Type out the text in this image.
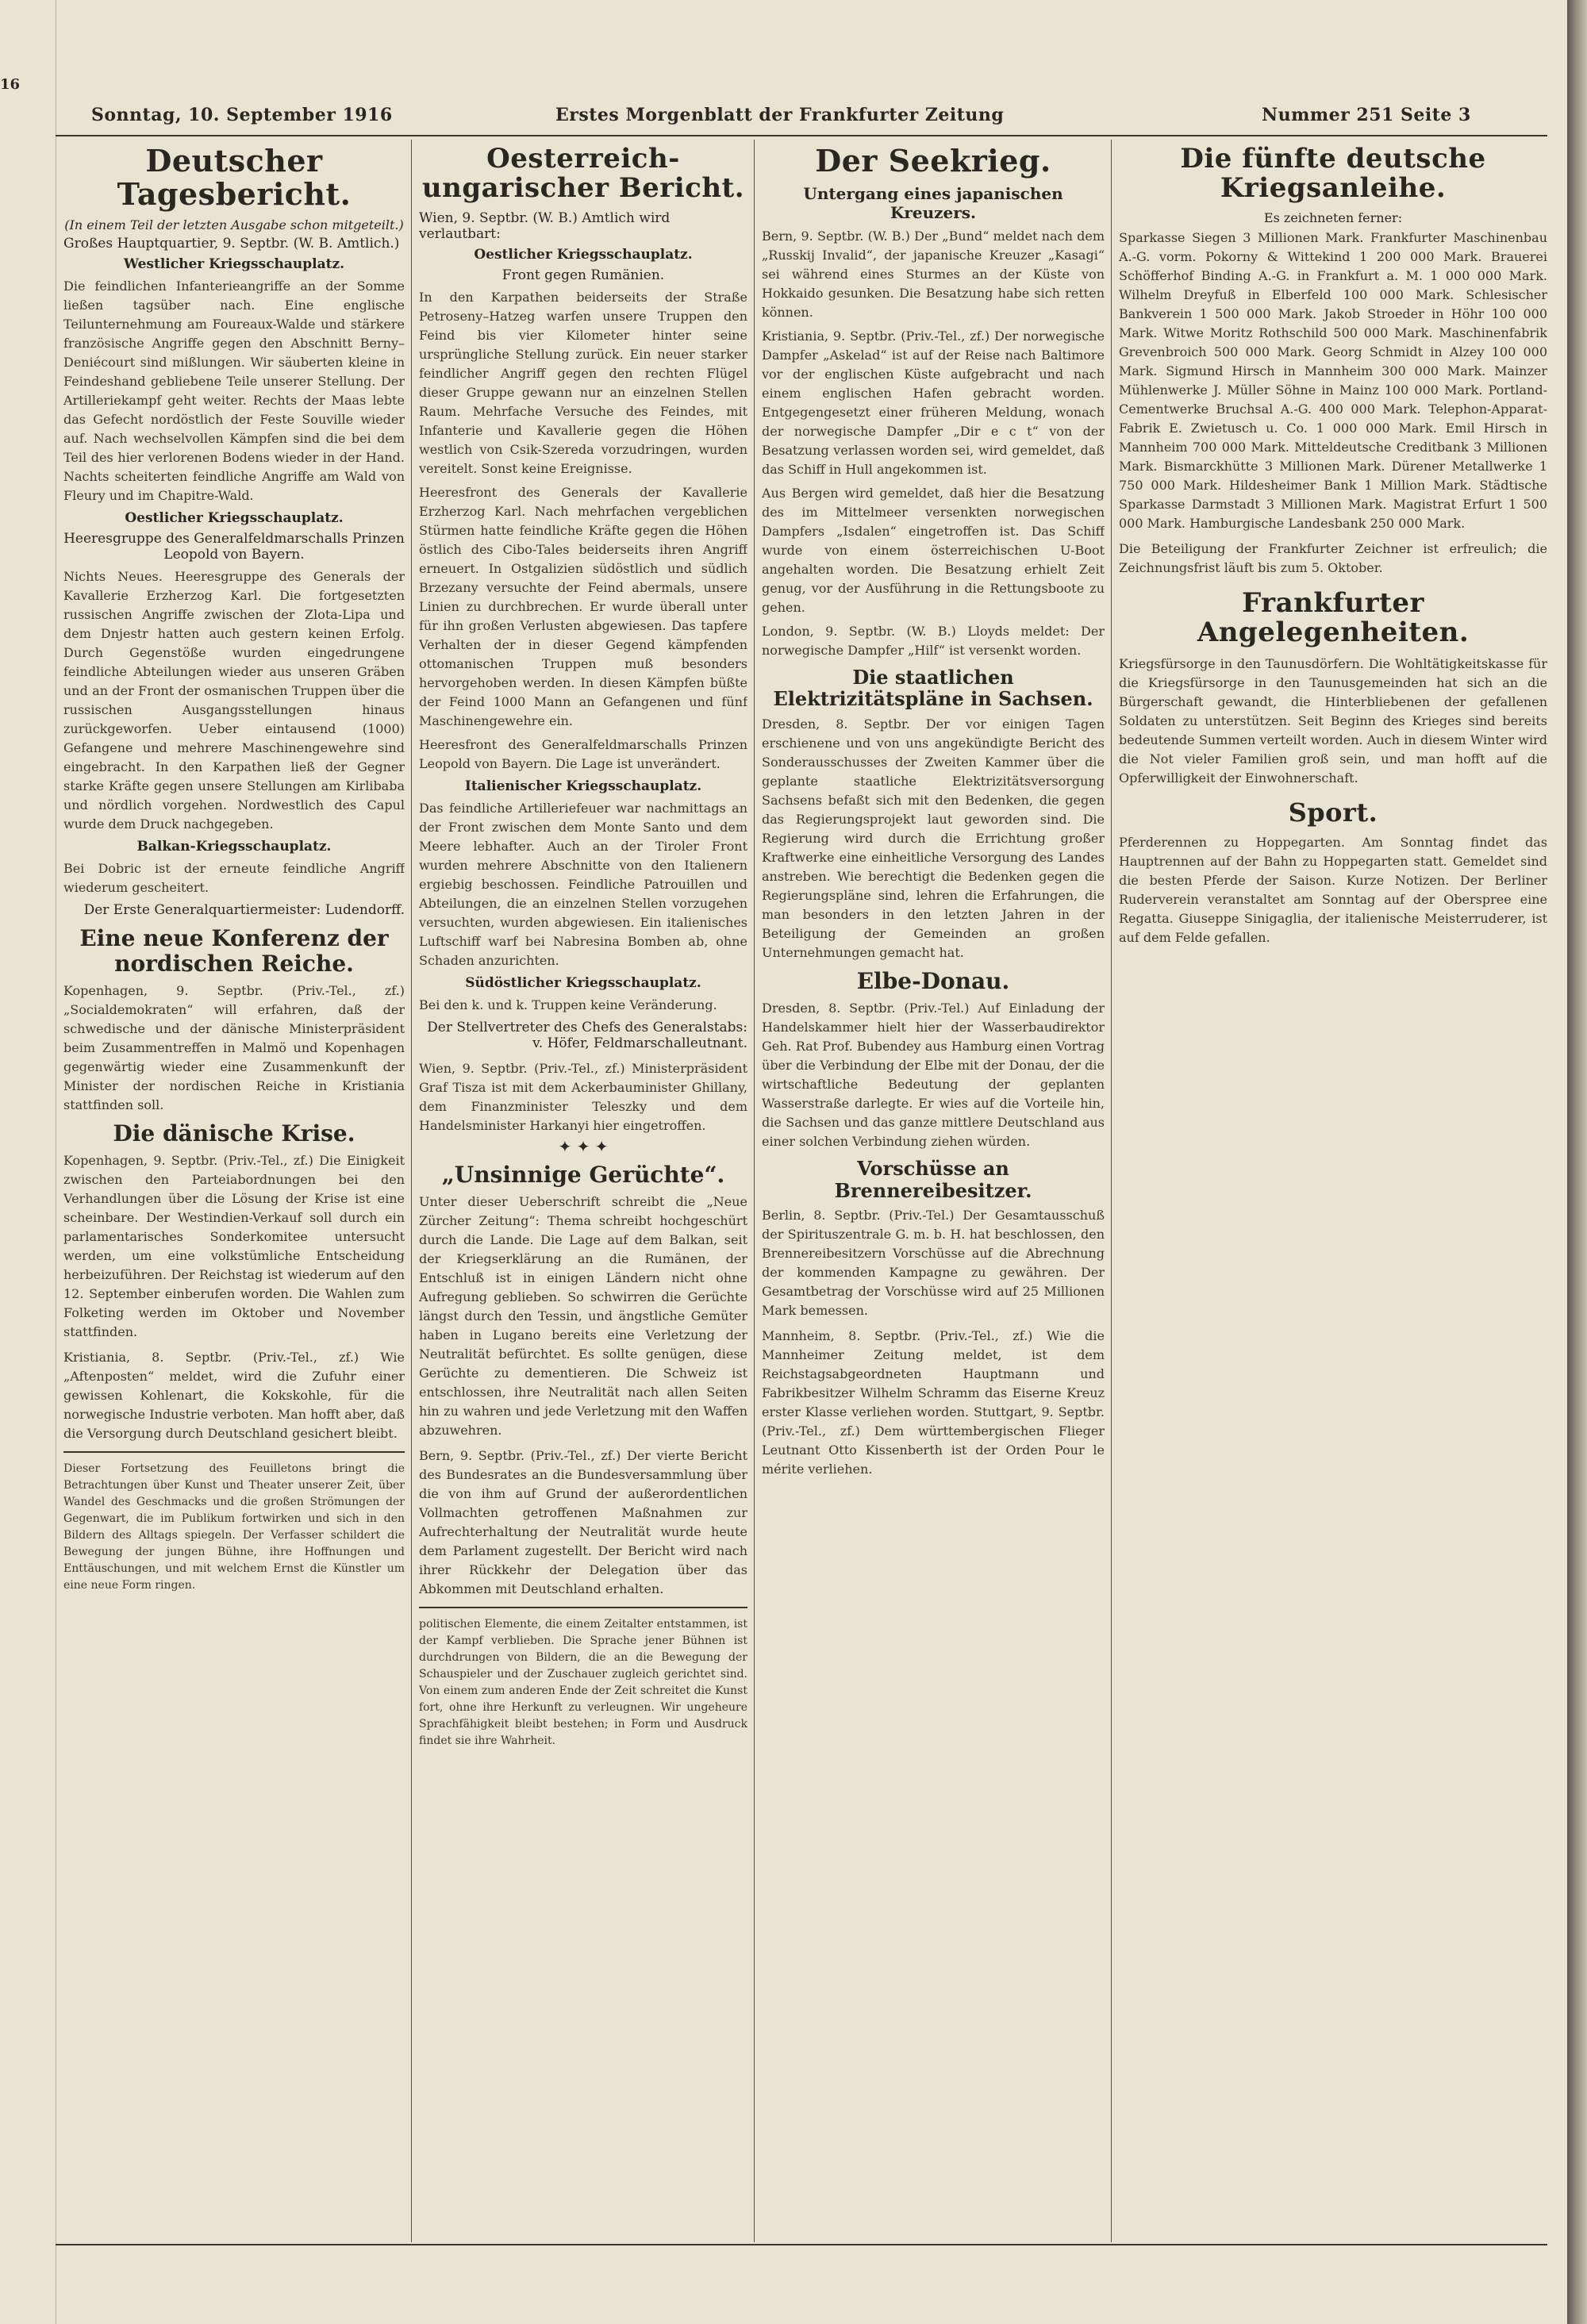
16
Sonntag, 10. September 1916	Erstes Morgenblatt der Frankfurter Zeitung	Nummer 251 Seite 3
Deutscher Tagesbericht.
(In einem Teil der letzten Ausgabe schon mitgeteilt.)
Großes Hauptquartier, 9. Septbr. (W. B. Amtlich.)
Westlicher Kriegsschauplatz.
Die feindlichen Infanterieangriffe an der Somme ließen tagsüber nach. Eine englische Teilunternehmung am Foureaux-Walde und stärkere französische Angriffe gegen den Abschnitt Berny–Deniécourt sind mißlungen. Wir säuberten kleine in Feindeshand gebliebene Teile unserer Stellung. Der Artilleriekampf geht weiter. Rechts der Maas lebte das Gefecht nordöstlich der Feste Souville wieder auf. Nach wechselvollen Kämpfen sind die bei dem Teil des hier verlorenen Bodens wieder in der Hand. Nachts scheiterten feindliche Angriffe am Wald von Fleury und im Chapitre-Wald.
Oestlicher Kriegsschauplatz.
Heeresgruppe des Generalfeldmarschalls Prinzen Leopold von Bayern.
Nichts Neues. Heeresgruppe des Generals der Kavallerie Erzherzog Karl. Die fortgesetzten russischen Angriffe zwischen der Zlota-Lipa und dem Dnjestr hatten auch gestern keinen Erfolg. Durch Gegenstöße wurden eingedrungene feindliche Abteilungen wieder aus unseren Gräben und an der Front der osmanischen Truppen über die russischen Ausgangsstellungen hinaus zurückgeworfen. Ueber eintausend (1000) Gefangene und mehrere Maschinengewehre sind eingebracht. In den Karpathen ließ der Gegner starke Kräfte gegen unsere Stellungen am Kirlibaba und nördlich vorgehen. Nordwestlich des Capul wurde dem Druck nachgegeben.
Balkan-Kriegsschauplatz.
Bei Dobric ist der erneute feindliche Angriff wiederum gescheitert.
Der Erste Generalquartiermeister: Ludendorff.
Eine neue Konferenz der nordischen Reiche.
Kopenhagen, 9. Septbr. (Priv.-Tel., zf.) „Socialdemokraten“ will erfahren, daß der schwedische und der dänische Ministerpräsident beim Zusammentreffen in Malmö und Kopenhagen gegenwärtig wieder eine Zusammenkunft der Minister der nordischen Reiche in Kristiania stattfinden soll.
Die dänische Krise.
Kopenhagen, 9. Septbr. (Priv.-Tel., zf.) Die Einigkeit zwischen den Parteiabordnungen bei den Verhandlungen über die Lösung der Krise ist eine scheinbare. Der Westindien-Verkauf soll durch ein parlamentarisches Sonderkomitee untersucht werden, um eine volkstümliche Entscheidung herbeizuführen. Der Reichstag ist wiederum auf den 12. September einberufen worden. Die Wahlen zum Folketing werden im Oktober und November stattfinden.
Kristiania, 8. Septbr. (Priv.-Tel., zf.) Wie „Aftenposten“ meldet, wird die Zufuhr einer gewissen Kohlenart, die Kokskohle, für die norwegische Industrie verboten. Man hofft aber, daß die Versorgung durch Deutschland gesichert bleibt.
Dieser Fortsetzung des Feuilletons bringt die Betrachtungen über Kunst und Theater unserer Zeit, über Wandel des Geschmacks und die großen Strömungen der Gegenwart, die im Publikum fortwirken und sich in den Bildern des Alltags spiegeln. Der Verfasser schildert die Bewegung der jungen Bühne, ihre Hoffnungen und Enttäuschungen, und mit welchem Ernst die Künstler um eine neue Form ringen.
Oesterreich-ungarischer Bericht.
Wien, 9. Septbr. (W. B.) Amtlich wird verlautbart:
Oestlicher Kriegsschauplatz.
Front gegen Rumänien.
In den Karpathen beiderseits der Straße Petroseny–Hatzeg warfen unsere Truppen den Feind bis vier Kilometer hinter seine ursprüngliche Stellung zurück. Ein neuer starker feindlicher Angriff gegen den rechten Flügel dieser Gruppe gewann nur an einzelnen Stellen Raum. Mehrfache Versuche des Feindes, mit Infanterie und Kavallerie gegen die Höhen westlich von Csik-Szereda vorzudringen, wurden vereitelt. Sonst keine Ereignisse.
Heeresfront des Generals der Kavallerie Erzherzog Karl. Nach mehrfachen vergeblichen Stürmen hatte feindliche Kräfte gegen die Höhen östlich des Cibo-Tales beiderseits ihren Angriff erneuert. In Ostgalizien südöstlich und südlich Brzezany versuchte der Feind abermals, unsere Linien zu durchbrechen. Er wurde überall unter für ihn großen Verlusten abgewiesen. Das tapfere Verhalten der in dieser Gegend kämpfenden ottomanischen Truppen muß besonders hervorgehoben werden. In diesen Kämpfen büßte der Feind 1000 Mann an Gefangenen und fünf Maschinengewehre ein.
Heeresfront des Generalfeldmarschalls Prinzen Leopold von Bayern. Die Lage ist unverändert.
Italienischer Kriegsschauplatz.
Das feindliche Artilleriefeuer war nachmittags an der Front zwischen dem Monte Santo und dem Meere lebhafter. Auch an der Tiroler Front wurden mehrere Abschnitte von den Italienern ergiebig beschossen. Feindliche Patrouillen und Abteilungen, die an einzelnen Stellen vorzugehen versuchten, wurden abgewiesen. Ein italienisches Luftschiff warf bei Nabresina Bomben ab, ohne Schaden anzurichten.
Südöstlicher Kriegsschauplatz.
Bei den k. und k. Truppen keine Veränderung.
Der Stellvertreter des Chefs des Generalstabs: v. Höfer, Feldmarschalleutnant.
Wien, 9. Septbr. (Priv.-Tel., zf.) Ministerpräsident Graf Tisza ist mit dem Ackerbauminister Ghillany, dem Finanzminister Teleszky und dem Handelsminister Harkanyi hier eingetroffen.
✦ ✦ ✦
„Unsinnige Gerüchte“.
Unter dieser Ueberschrift schreibt die „Neue Zürcher Zeitung“: Thema schreibt hochgeschürt durch die Lande. Die Lage auf dem Balkan, seit der Kriegserklärung an die Rumänen, der Entschluß ist in einigen Ländern nicht ohne Aufregung geblieben. So schwirren die Gerüchte längst durch den Tessin, und ängstliche Gemüter haben in Lugano bereits eine Verletzung der Neutralität befürchtet. Es sollte genügen, diese Gerüchte zu dementieren. Die Schweiz ist entschlossen, ihre Neutralität nach allen Seiten hin zu wahren und jede Verletzung mit den Waffen abzuwehren.
Bern, 9. Septbr. (Priv.-Tel., zf.) Der vierte Bericht des Bundesrates an die Bundesversammlung über die von ihm auf Grund der außerordentlichen Vollmachten getroffenen Maßnahmen zur Aufrechterhaltung der Neutralität wurde heute dem Parlament zugestellt. Der Bericht wird nach ihrer Rückkehr der Delegation über das Abkommen mit Deutschland erhalten.
politischen Elemente, die einem Zeitalter entstammen, ist der Kampf verblieben. Die Sprache jener Bühnen ist durchdrungen von Bildern, die an die Bewegung der Schauspieler und der Zuschauer zugleich gerichtet sind. Von einem zum anderen Ende der Zeit schreitet die Kunst fort, ohne ihre Herkunft zu verleugnen. Wir ungeheure Sprachfähigkeit bleibt bestehen; in Form und Ausdruck findet sie ihre Wahrheit.
Der Seekrieg.
Untergang eines japanischen Kreuzers.
Bern, 9. Septbr. (W. B.) Der „Bund“ meldet nach dem „Russkij Invalid“, der japanische Kreuzer „Kasagi“ sei während eines Sturmes an der Küste von Hokkaido gesunken. Die Besatzung habe sich retten können.
Kristiania, 9. Septbr. (Priv.-Tel., zf.) Der norwegische Dampfer „Askelad“ ist auf der Reise nach Baltimore vor der englischen Küste aufgebracht und nach einem englischen Hafen gebracht worden. Entgegengesetzt einer früheren Meldung, wonach der norwegische Dampfer „Dir e c t“ von der Besatzung verlassen worden sei, wird gemeldet, daß das Schiff in Hull angekommen ist.
Aus Bergen wird gemeldet, daß hier die Besatzung des im Mittelmeer versenkten norwegischen Dampfers „Isdalen“ eingetroffen ist. Das Schiff wurde von einem österreichischen U-Boot angehalten worden. Die Besatzung erhielt Zeit genug, vor der Ausführung in die Rettungsboote zu gehen.
London, 9. Septbr. (W. B.) Lloyds meldet: Der norwegische Dampfer „Hilf“ ist versenkt worden.
Die staatlichen Elektrizitätspläne in Sachsen.
Dresden, 8. Septbr. Der vor einigen Tagen erschienene und von uns angekündigte Bericht des Sonderausschusses der Zweiten Kammer über die geplante staatliche Elektrizitätsversorgung Sachsens befaßt sich mit den Bedenken, die gegen das Regierungsprojekt laut geworden sind. Die Regierung wird durch die Errichtung großer Kraftwerke eine einheitliche Versorgung des Landes anstreben. Wie berechtigt die Bedenken gegen die Regierungspläne sind, lehren die Erfahrungen, die man besonders in den letzten Jahren in der Beteiligung der Gemeinden an großen Unternehmungen gemacht hat.
Elbe-Donau.
Dresden, 8. Septbr. (Priv.-Tel.) Auf Einladung der Handelskammer hielt hier der Wasserbaudirektor Geh. Rat Prof. Bubendey aus Hamburg einen Vortrag über die Verbindung der Elbe mit der Donau, der die wirtschaftliche Bedeutung der geplanten Wasserstraße darlegte. Er wies auf die Vorteile hin, die Sachsen und das ganze mittlere Deutschland aus einer solchen Verbindung ziehen würden.
Vorschüsse an Brennereibesitzer.
Berlin, 8. Septbr. (Priv.-Tel.) Der Gesamtausschuß der Spirituszentrale G. m. b. H. hat beschlossen, den Brennereibesitzern Vorschüsse auf die Abrechnung der kommenden Kampagne zu gewähren. Der Gesamtbetrag der Vorschüsse wird auf 25 Millionen Mark bemessen.
Mannheim, 8. Septbr. (Priv.-Tel., zf.) Wie die Mannheimer Zeitung meldet, ist dem Reichstagsabgeordneten Hauptmann und Fabrikbesitzer Wilhelm Schramm das Eiserne Kreuz erster Klasse verliehen worden. Stuttgart, 9. Septbr. (Priv.-Tel., zf.) Dem württembergischen Flieger Leutnant Otto Kissenberth ist der Orden Pour le mérite verliehen.
Die fünfte deutsche Kriegsanleihe.
Es zeichneten ferner:
Sparkasse Siegen 3 Millionen Mark. Frankfurter Maschinenbau A.-G. vorm. Pokorny & Wittekind 1 200 000 Mark. Brauerei Schöfferhof Binding A.-G. in Frankfurt a. M. 1 000 000 Mark. Wilhelm Dreyfuß in Elberfeld 100 000 Mark. Schlesischer Bankverein 1 500 000 Mark. Jakob Stroeder in Höhr 100 000 Mark. Witwe Moritz Rothschild 500 000 Mark. Maschinenfabrik Grevenbroich 500 000 Mark. Georg Schmidt in Alzey 100 000 Mark. Sigmund Hirsch in Mannheim 300 000 Mark. Mainzer Mühlenwerke J. Müller Söhne in Mainz 100 000 Mark. Portland-Cementwerke Bruchsal A.-G. 400 000 Mark. Telephon-Apparat-Fabrik E. Zwietusch u. Co. 1 000 000 Mark. Emil Hirsch in Mannheim 700 000 Mark. Mitteldeutsche Creditbank 3 Millionen Mark. Bismarckhütte 3 Millionen Mark. Dürener Metallwerke 1 750 000 Mark. Hildesheimer Bank 1 Million Mark. Städtische Sparkasse Darmstadt 3 Millionen Mark. Magistrat Erfurt 1 500 000 Mark. Hamburgische Landesbank 250 000 Mark.
Die Beteiligung der Frankfurter Zeichner ist erfreulich; die Zeichnungsfrist läuft bis zum 5. Oktober.
Frankfurter Angelegenheiten.
Kriegsfürsorge in den Taunusdörfern. Die Wohltätigkeitskasse für die Kriegsfürsorge in den Taunusgemeinden hat sich an die Bürgerschaft gewandt, die Hinterbliebenen der gefallenen Soldaten zu unterstützen. Seit Beginn des Krieges sind bereits bedeutende Summen verteilt worden. Auch in diesem Winter wird die Not vieler Familien groß sein, und man hofft auf die Opferwilligkeit der Einwohnerschaft.
Sport.
Pferderennen zu Hoppegarten. Am Sonntag findet das Hauptrennen auf der Bahn zu Hoppegarten statt. Gemeldet sind die besten Pferde der Saison. Kurze Notizen. Der Berliner Ruderverein veranstaltet am Sonntag auf der Oberspree eine Regatta. Giuseppe Sinigaglia, der italienische Meisterruderer, ist auf dem Felde gefallen.
